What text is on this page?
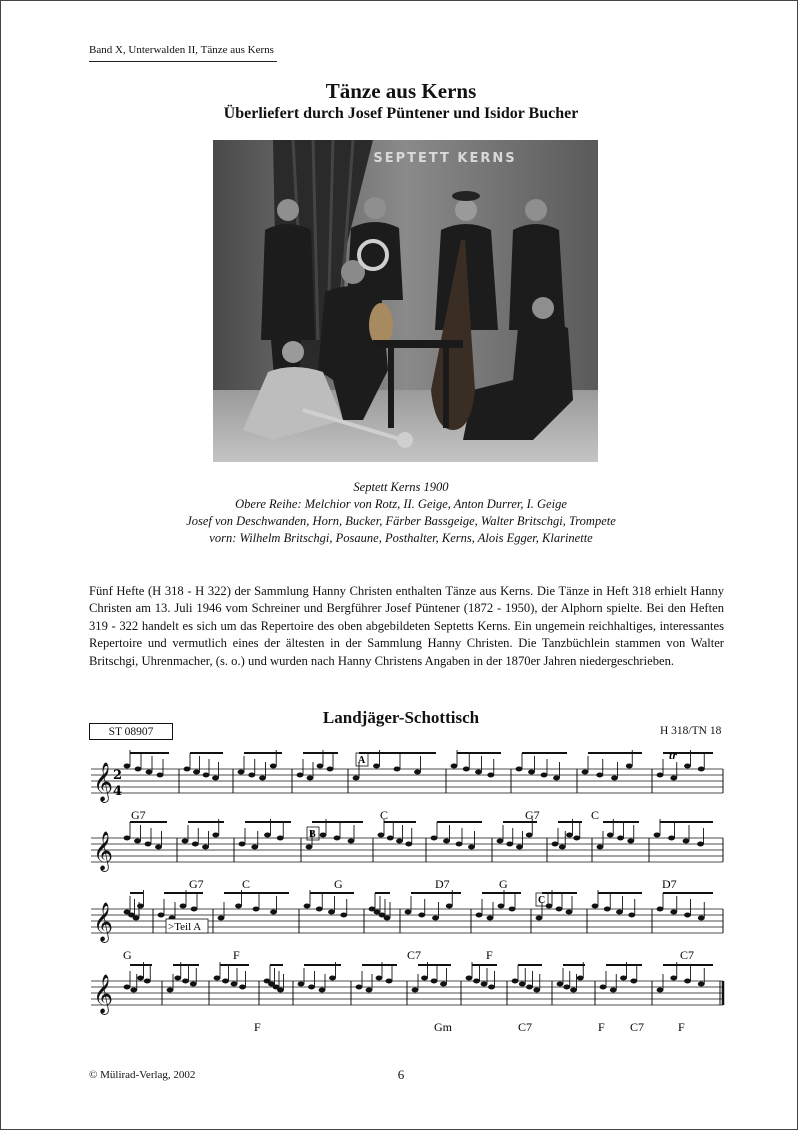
Band X, Unterwalden II, Tänze aus Kerns
Tänze aus Kerns
Überliefert durch Josef Püntener und Isidor Bucher
SEPTETT KERNS
Septett Kerns 1900
Obere Reihe: Melchior von Rotz, II. Geige, Anton Durrer, I. Geige
Josef von Deschwanden, Horn, Bucker, Färber Bassgeige, Walter Britschgi, Trompete
vorn: Wilhelm Britschgi, Posaune, Posthalter, Kerns, Alois Egger, Klarinette
Fünf Hefte (H 318 - H 322) der Sammlung Hanny Christen enthalten Tänze aus Kerns. Die Tänze in Heft 318 erhielt Hanny Christen am 13. Juli 1946 vom Schreiner und Bergführer Josef Püntener (1872 - 1950), der Alphorn spielte. Bei den Heften 319 - 322 handelt es sich um das Repertoire des oben abgebildeten Septetts Kerns. Ein ungemein reichhaltiges, interessantes Repertoire und vermutlich eines der ältesten in der Sammlung Hanny Christen. Die Tanzbüchlein stammen von Walter Britschgi, Uhrenmacher, (s. o.) und wurden nach Hanny Christens Angaben in der 1870er Jahren niedergeschrieben.
Landjäger-Schottisch
ST 08907	H 318/TN 18
𝄞
𝄞
𝄞
𝄞
2
4
A
B
C
>Teil A
tr
G7	C	G7	C
G7	C	G	D7	G	D7
G	F	C7	F	C7
F	Gm	C7	F C7	F
© Mülirad-Verlag, 2002	6
